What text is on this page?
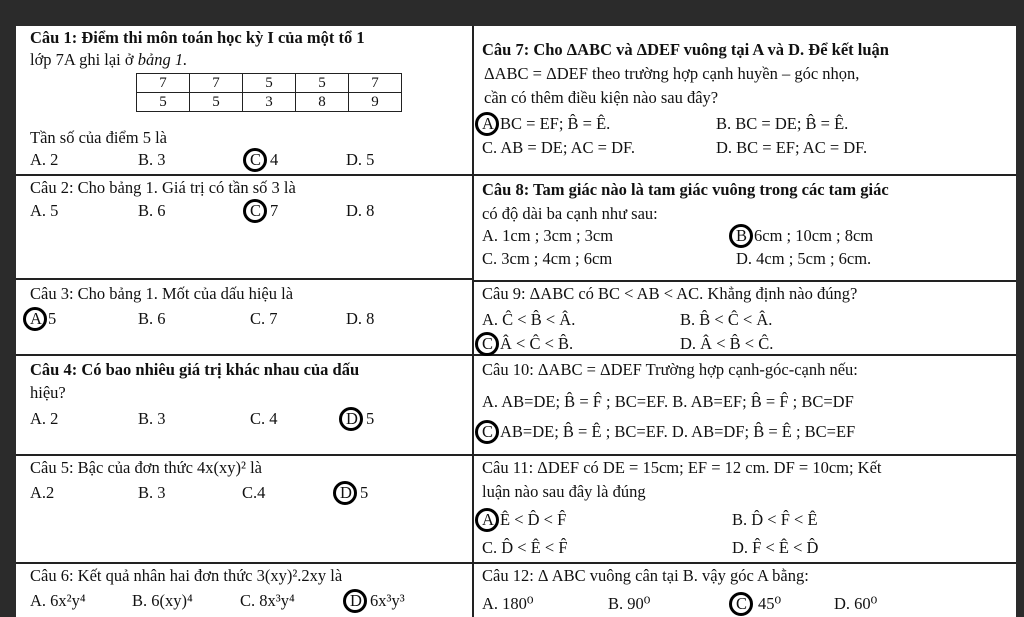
Câu 1: Điểm thi môn toán học kỳ I của một tổ 1
lớp 7A ghi lại ở bảng 1.
7	7	5	5	7
5	5	3	8	9
Tần số của điểm 5 là
A. 2	B. 3	C 4	D. 5
Câu 2: Cho bảng 1. Giá trị có tần số 3 là
A. 5	B. 6	C 7	D. 8
Câu 3: Cho bảng 1. Mốt của dấu hiệu là
A 5	B. 6	C. 7	D. 8
Câu 4: Có bao nhiêu giá trị khác nhau của dấu
hiệu?
A. 2	B. 3	C. 4	D 5
Câu 5: Bậc của đơn thức 4x(xy)² là
A.2	B. 3	C.4	D 5
Câu 6: Kết quả nhân hai đơn thức 3(xy)².2xy là
A. 6x²y⁴	B. 6(xy)⁴	C. 8x³y⁴	D 6x³y³
Câu 7: Cho ΔABC và ΔDEF vuông tại A và D. Để kết luận
ΔABC = ΔDEF theo trường hợp cạnh huyền – góc nhọn,
cần có thêm điều kiện nào sau đây?
A BC = EF; B̂ = Ê.	B. BC = DE; B̂ = Ê.
C. AB = DE; AC = DF.	D. BC = EF; AC = DF.
Câu 8: Tam giác nào là tam giác vuông trong các tam giác
có độ dài ba cạnh như sau:
A. 1cm ; 3cm ; 3cm	B 6cm ; 10cm ; 8cm
C. 3cm ; 4cm ; 6cm	D. 4cm ; 5cm ; 6cm.
Câu 9: ΔABC có BC < AB < AC. Khẳng định nào đúng?
A. Ĉ < B̂ < Â.	B. B̂ < Ĉ < Â.
C Â < Ĉ < B̂.	D. Â < B̂ < Ĉ.
Câu 10: ΔABC = ΔDEF Trường hợp cạnh-góc-cạnh nếu:
A. AB=DE; B̂ = F̂ ; BC=EF. B. AB=EF; B̂ = F̂ ; BC=DF
C AB=DE; B̂ = Ê ; BC=EF. D. AB=DF; B̂ = Ê ; BC=EF
Câu 11: ΔDEF có DE = 15cm; EF = 12 cm. DF = 10cm; Kết
luận nào sau đây là đúng
A Ê < D̂ < F̂	B. D̂ < F̂ < Ê
C. D̂ < Ê < F̂	D. F̂ < Ê < D̂
Câu 12: Δ ABC vuông cân tại B. vậy góc A bằng:
A. 180⁰	B. 90⁰	C 45⁰	D. 60⁰
